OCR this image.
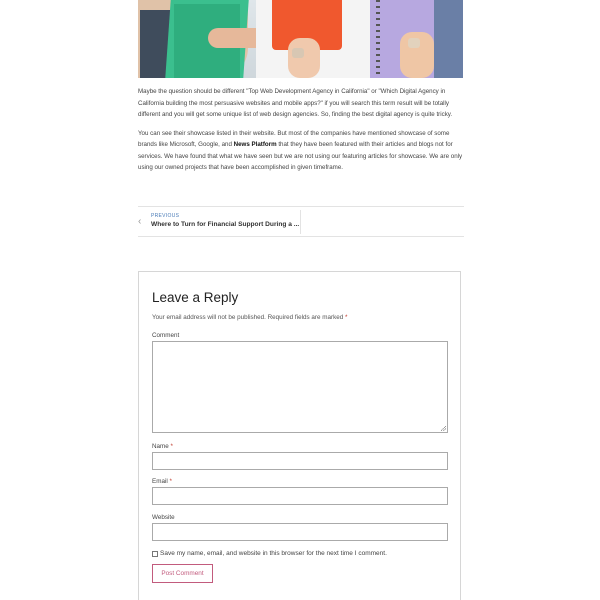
Maybe the question should be different "Top Web Development Agency in California" or "Which Digital Agency in California building the most persuasive websites and mobile apps?" if you will search this term result will be totally different and you will get some unique list of web design agencies. So, finding the best digital agency is quite tricky.

You can see their showcase listed in their website. But most of the companies have mentioned showcase of some brands like Microsoft, Google, and News Platform that they have been featured with their articles and blogs not for services. We have found that what we have seen but we are not using our featuring articles for showcase. We are only using our owned projects that have been accomplished in given timeframe.

‹ PREVIOUS
Where to Turn for Financial Support During a ...
Leave a Reply
Your email address will not be published. Required fields are marked *
Comment
Name *
Email *
Website
Save my name, email, and website in this browser for the next time I comment.
Post Comment
